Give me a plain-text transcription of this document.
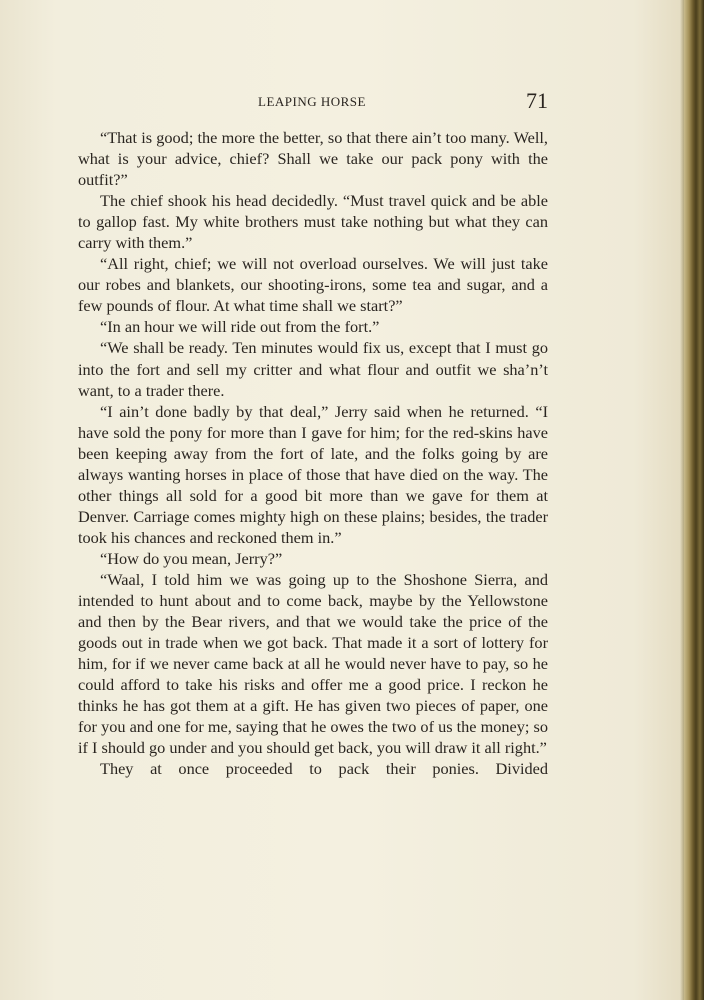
LEAPING HORSE	71

“That is good; the more the better, so that there ain’t too many. Well, what is your advice, chief? Shall we take our pack pony with the outfit?”

The chief shook his head decidedly. “Must travel quick and be able to gallop fast. My white brothers must take nothing but what they can carry with them.”

“All right, chief; we will not overload ourselves. We will just take our robes and blankets, our shooting-irons, some tea and sugar, and a few pounds of flour. At what time shall we start?”

“In an hour we will ride out from the fort.”

“We shall be ready. Ten minutes would fix us, except that I must go into the fort and sell my critter and what flour and outfit we sha’n’t want, to a trader there.

“I ain’t done badly by that deal,” Jerry said when he returned. “I have sold the pony for more than I gave for him; for the red-skins have been keeping away from the fort of late, and the folks going by are always wanting horses in place of those that have died on the way. The other things all sold for a good bit more than we gave for them at Denver. Carriage comes mighty high on these plains; besides, the trader took his chances and reckoned them in.”

“How do you mean, Jerry?”

“Waal, I told him we was going up to the Shoshone Sierra, and intended to hunt about and to come back, maybe by the Yellowstone and then by the Bear rivers, and that we would take the price of the goods out in trade when we got back. That made it a sort of lottery for him, for if we never came back at all he would never have to pay, so he could afford to take his risks and offer me a good price. I reckon he thinks he has got them at a gift. He has given two pieces of paper, one for you and one for me, saying that he owes the two of us the money; so if I should go under and you should get back, you will draw it all right.”

They at once proceeded to pack their ponies. Divided
